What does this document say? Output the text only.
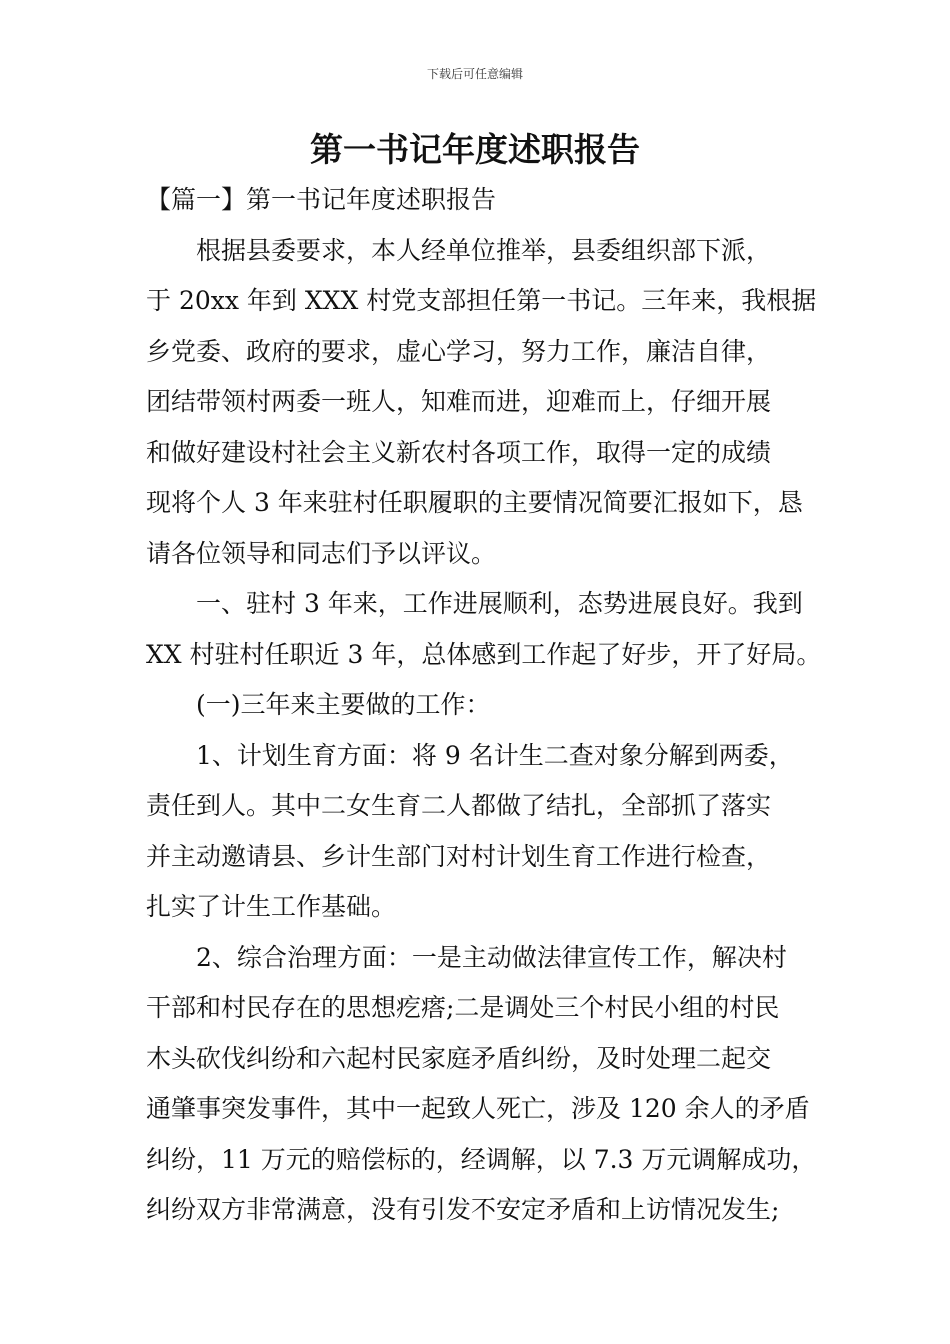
下载后可任意编辑
第一书记年度述职报告
【篇一】第一书记年度述职报告
根据县委要求，本人经单位推举，县委组织部下派，
于 20xx 年到 XXX 村党支部担任第一书记。三年来，我根据
乡党委、政府的要求，虚心学习，努力工作，廉洁自律，
团结带领村两委一班人，知难而进，迎难而上，仔细开展
和做好建设村社会主义新农村各项工作，取得一定的成绩
现将个人 3 年来驻村任职履职的主要情况简要汇报如下，恳
请各位领导和同志们予以评议。
一、驻村 3 年来，工作进展顺利，态势进展良好。我到
XX 村驻村任职近 3 年，总体感到工作起了好步，开了好局。
(一)三年来主要做的工作：
1、计划生育方面：将 9 名计生二查对象分解到两委，
责任到人。其中二女生育二人都做了结扎，全部抓了落实
并主动邀请县、乡计生部门对村计划生育工作进行检查，
扎实了计生工作基础。
2、综合治理方面：一是主动做法律宣传工作，解决村
干部和村民存在的思想疙瘩;二是调处三个村民小组的村民
木头砍伐纠纷和六起村民家庭矛盾纠纷，及时处理二起交
通肇事突发事件，其中一起致人死亡，涉及 120 余人的矛盾
纠纷，11 万元的赔偿标的，经调解，以 7.3 万元调解成功，
纠纷双方非常满意，没有引发不安定矛盾和上访情况发生;
